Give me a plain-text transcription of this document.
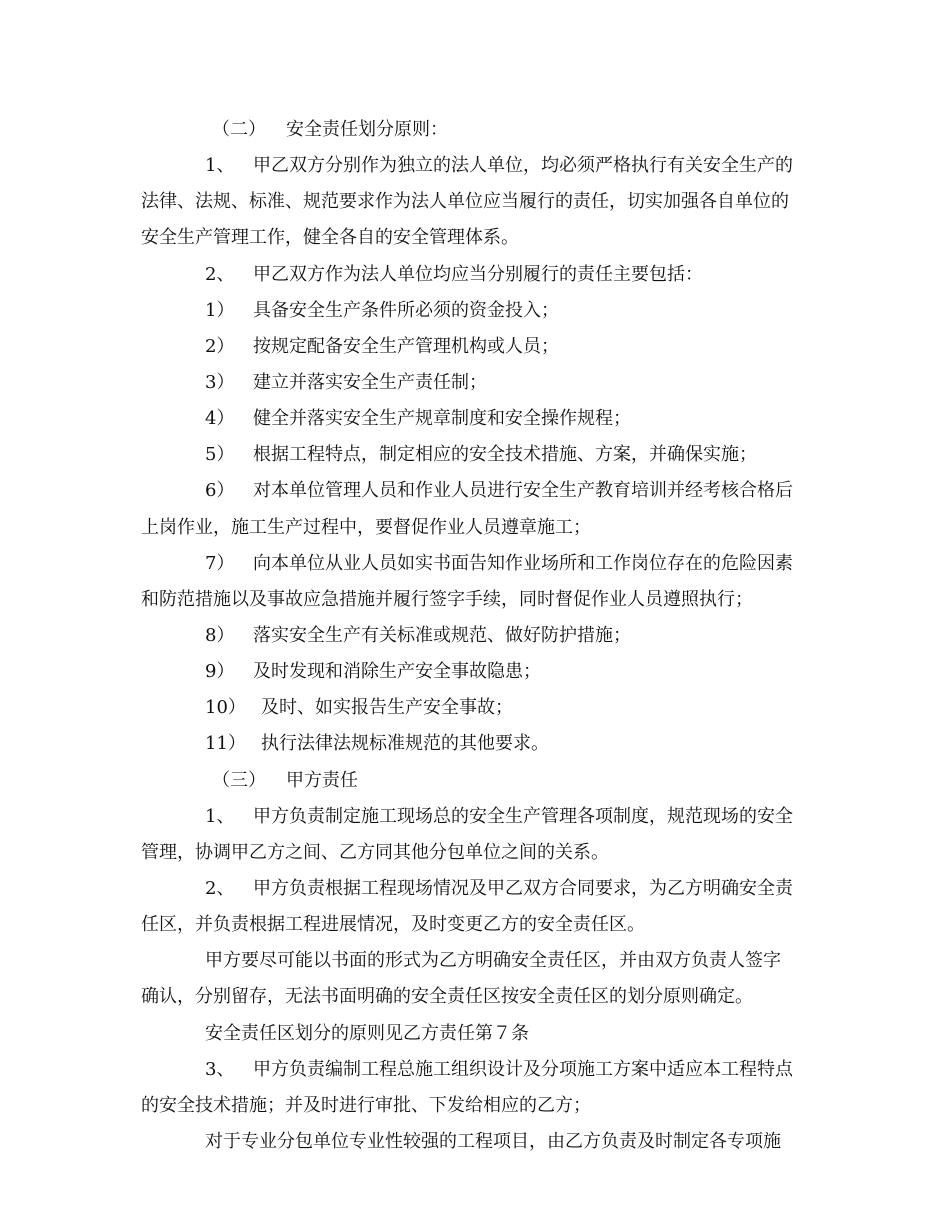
（二） 安全责任划分原则：
1、 甲乙双方分别作为独立的法人单位，均必须严格执行有关安全生产的
法律、法规、标准、规范要求作为法人单位应当履行的责任，切实加强各自单位的
安全生产管理工作，健全各自的安全管理体系。
2、 甲乙双方作为法人单位均应当分别履行的责任主要包括：
1） 具备安全生产条件所必须的资金投入；
2） 按规定配备安全生产管理机构或人员；
3） 建立并落实安全生产责任制；
4） 健全并落实安全生产规章制度和安全操作规程；
5） 根据工程特点，制定相应的安全技术措施、方案，并确保实施；
6） 对本单位管理人员和作业人员进行安全生产教育培训并经考核合格后
上岗作业，施工生产过程中，要督促作业人员遵章施工；
7） 向本单位从业人员如实书面告知作业场所和工作岗位存在的危险因素
和防范措施以及事故应急措施并履行签字手续，同时督促作业人员遵照执行；
8） 落实安全生产有关标准或规范、做好防护措施；
9） 及时发现和消除生产安全事故隐患；
10） 及时、如实报告生产安全事故；
11） 执行法律法规标准规范的其他要求。
（三） 甲方责任
1、 甲方负责制定施工现场总的安全生产管理各项制度，规范现场的安全
管理，协调甲乙方之间、乙方同其他分包单位之间的关系。
2、 甲方负责根据工程现场情况及甲乙双方合同要求，为乙方明确安全责
任区，并负责根据工程进展情况，及时变更乙方的安全责任区。
甲方要尽可能以书面的形式为乙方明确安全责任区，并由双方负责人签字
确认，分别留存，无法书面明确的安全责任区按安全责任区的划分原则确定。
安全责任区划分的原则见乙方责任第７条
3、 甲方负责编制工程总施工组织设计及分项施工方案中适应本工程特点
的安全技术措施；并及时进行审批、下发给相应的乙方；
对于专业分包单位专业性较强的工程项目，由乙方负责及时制定各专项施
